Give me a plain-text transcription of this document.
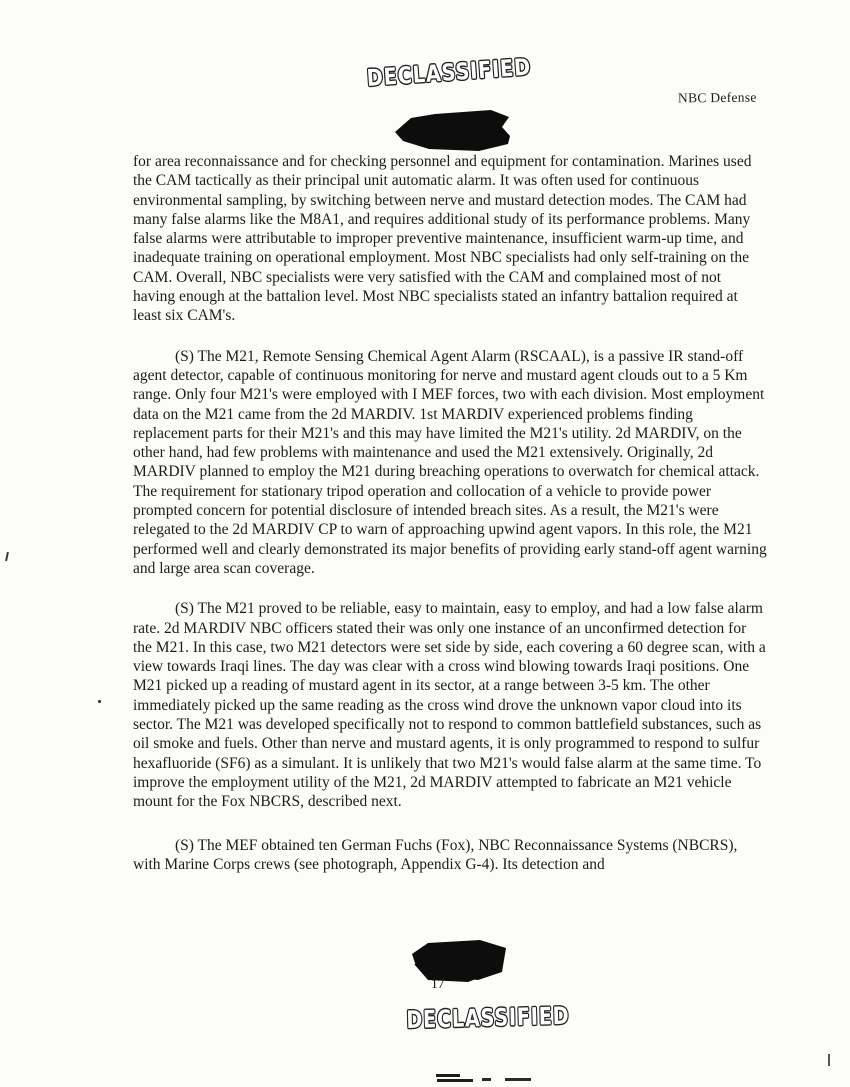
DECLASSIFIED
NBC Defense

for area reconnaissance and for checking personnel and equipment for contamination. Marines used the CAM tactically as their principal unit automatic alarm. It was often used for continuous environmental sampling, by switching between nerve and mustard detection modes. The CAM had many false alarms like the M8A1, and requires additional study of its performance problems. Many false alarms were attributable to improper preventive maintenance, insufficient warm-up time, and inadequate training on operational employment. Most NBC specialists had only self-training on the CAM. Overall, NBC specialists were very satisfied with the CAM and complained most of not having enough at the battalion level. Most NBC specialists stated an infantry battalion required at least six CAM's.

(S) The M21, Remote Sensing Chemical Agent Alarm (RSCAAL), is a passive IR stand-off agent detector, capable of continuous monitoring for nerve and mustard agent clouds out to a 5 Km range. Only four M21's were employed with I MEF forces, two with each division. Most employment data on the M21 came from the 2d MARDIV. 1st MARDIV experienced problems finding replacement parts for their M21's and this may have limited the M21's utility. 2d MARDIV, on the other hand, had few problems with maintenance and used the M21 extensively. Originally, 2d MARDIV planned to employ the M21 during breaching operations to overwatch for chemical attack. The requirement for stationary tripod operation and collocation of a vehicle to provide power prompted concern for potential disclosure of intended breach sites. As a result, the M21's were relegated to the 2d MARDIV CP to warn of approaching upwind agent vapors. In this role, the M21 performed well and clearly demonstrated its major benefits of providing early stand-off agent warning and large area scan coverage.

(S) The M21 proved to be reliable, easy to maintain, easy to employ, and had a low false alarm rate. 2d MARDIV NBC officers stated their was only one instance of an unconfirmed detection for the M21. In this case, two M21 detectors were set side by side, each covering a 60 degree scan, with a view towards Iraqi lines. The day was clear with a cross wind blowing towards Iraqi positions. One M21 picked up a reading of mustard agent in its sector, at a range between 3-5 km. The other immediately picked up the same reading as the cross wind drove the unknown vapor cloud into its sector. The M21 was developed specifically not to respond to common battlefield substances, such as oil smoke and fuels. Other than nerve and mustard agents, it is only programmed to respond to sulfur hexafluoride (SF6) as a simulant. It is unlikely that two M21's would false alarm at the same time. To improve the employment utility of the M21, 2d MARDIV attempted to fabricate an M21 vehicle mount for the Fox NBCRS, described next.

(S) The MEF obtained ten German Fuchs (Fox), NBC Reconnaissance Systems (NBCRS), with Marine Corps crews (see photograph, Appendix G-4). Its detection and

17
DECLASSIFIED
